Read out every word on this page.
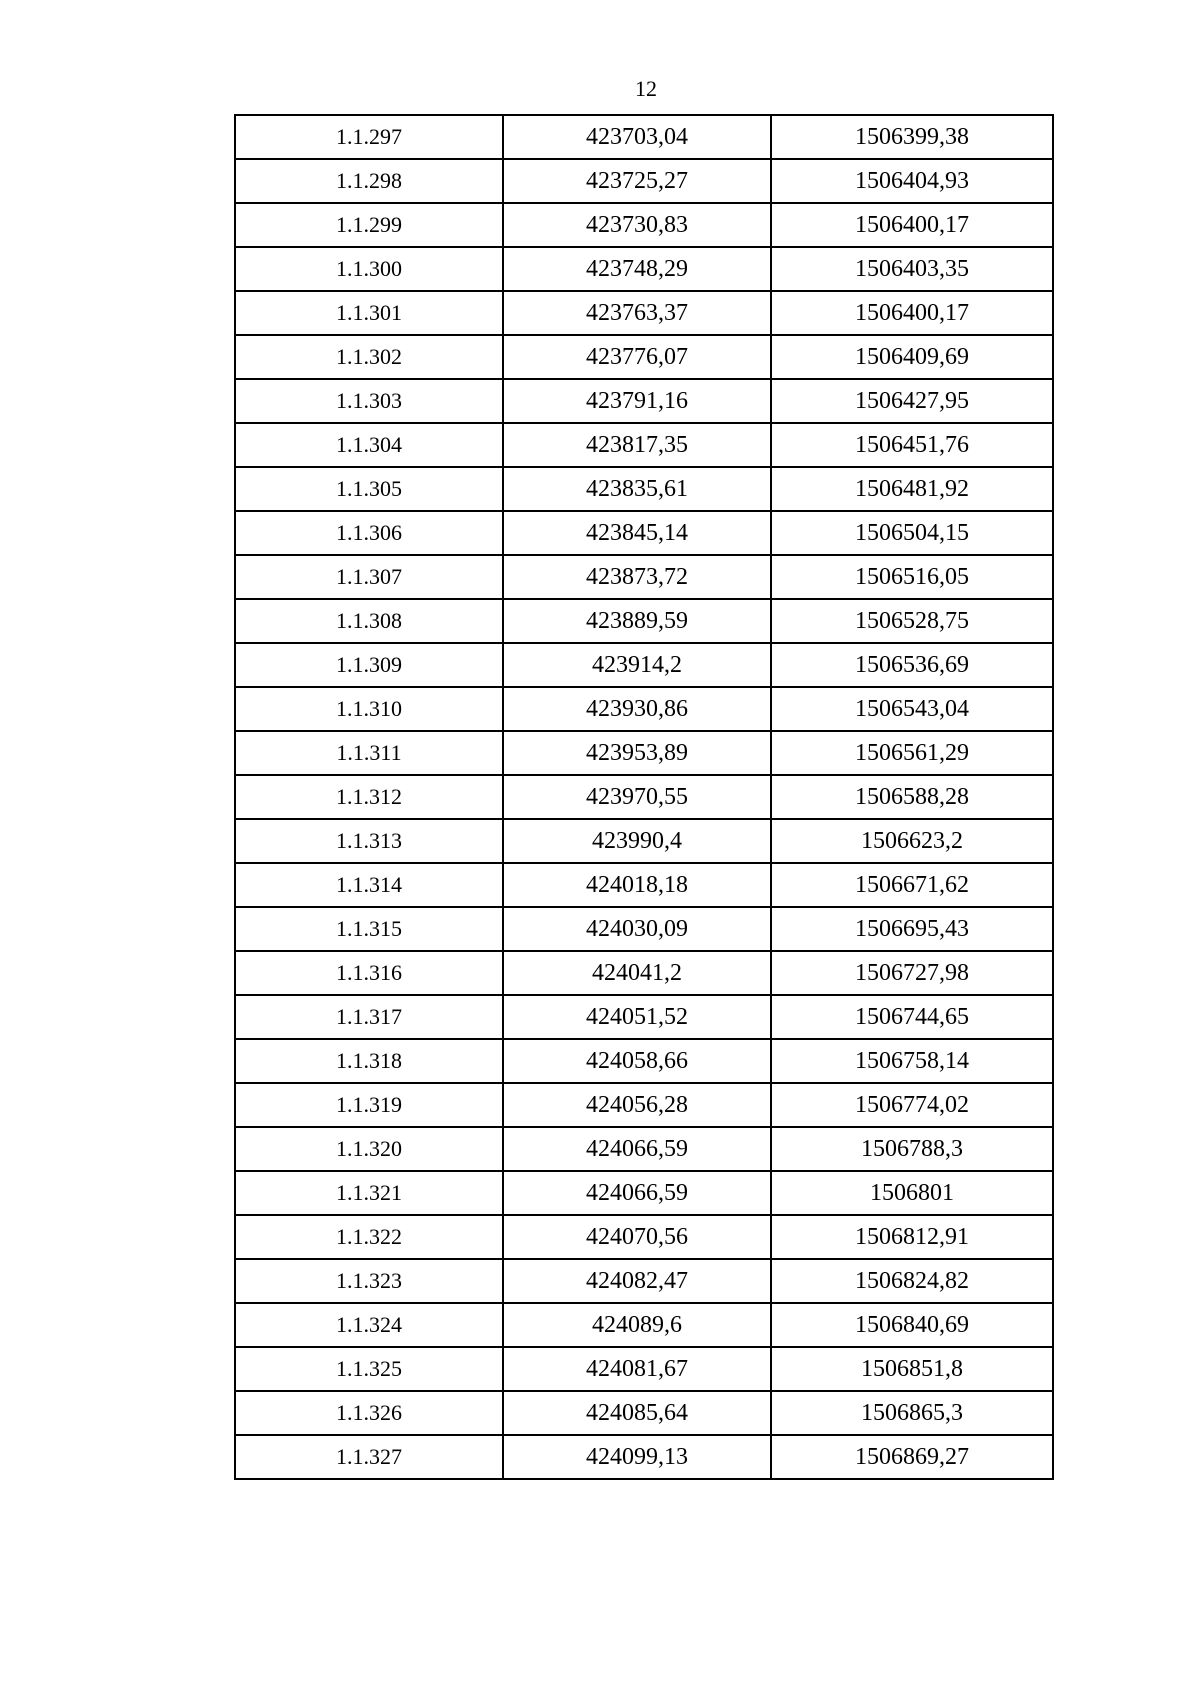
12
1.1.297	423703,04	1506399,38
1.1.298	423725,27	1506404,93
1.1.299	423730,83	1506400,17
1.1.300	423748,29	1506403,35
1.1.301	423763,37	1506400,17
1.1.302	423776,07	1506409,69
1.1.303	423791,16	1506427,95
1.1.304	423817,35	1506451,76
1.1.305	423835,61	1506481,92
1.1.306	423845,14	1506504,15
1.1.307	423873,72	1506516,05
1.1.308	423889,59	1506528,75
1.1.309	423914,2	1506536,69
1.1.310	423930,86	1506543,04
1.1.311	423953,89	1506561,29
1.1.312	423970,55	1506588,28
1.1.313	423990,4	1506623,2
1.1.314	424018,18	1506671,62
1.1.315	424030,09	1506695,43
1.1.316	424041,2	1506727,98
1.1.317	424051,52	1506744,65
1.1.318	424058,66	1506758,14
1.1.319	424056,28	1506774,02
1.1.320	424066,59	1506788,3
1.1.321	424066,59	1506801
1.1.322	424070,56	1506812,91
1.1.323	424082,47	1506824,82
1.1.324	424089,6	1506840,69
1.1.325	424081,67	1506851,8
1.1.326	424085,64	1506865,3
1.1.327	424099,13	1506869,27
